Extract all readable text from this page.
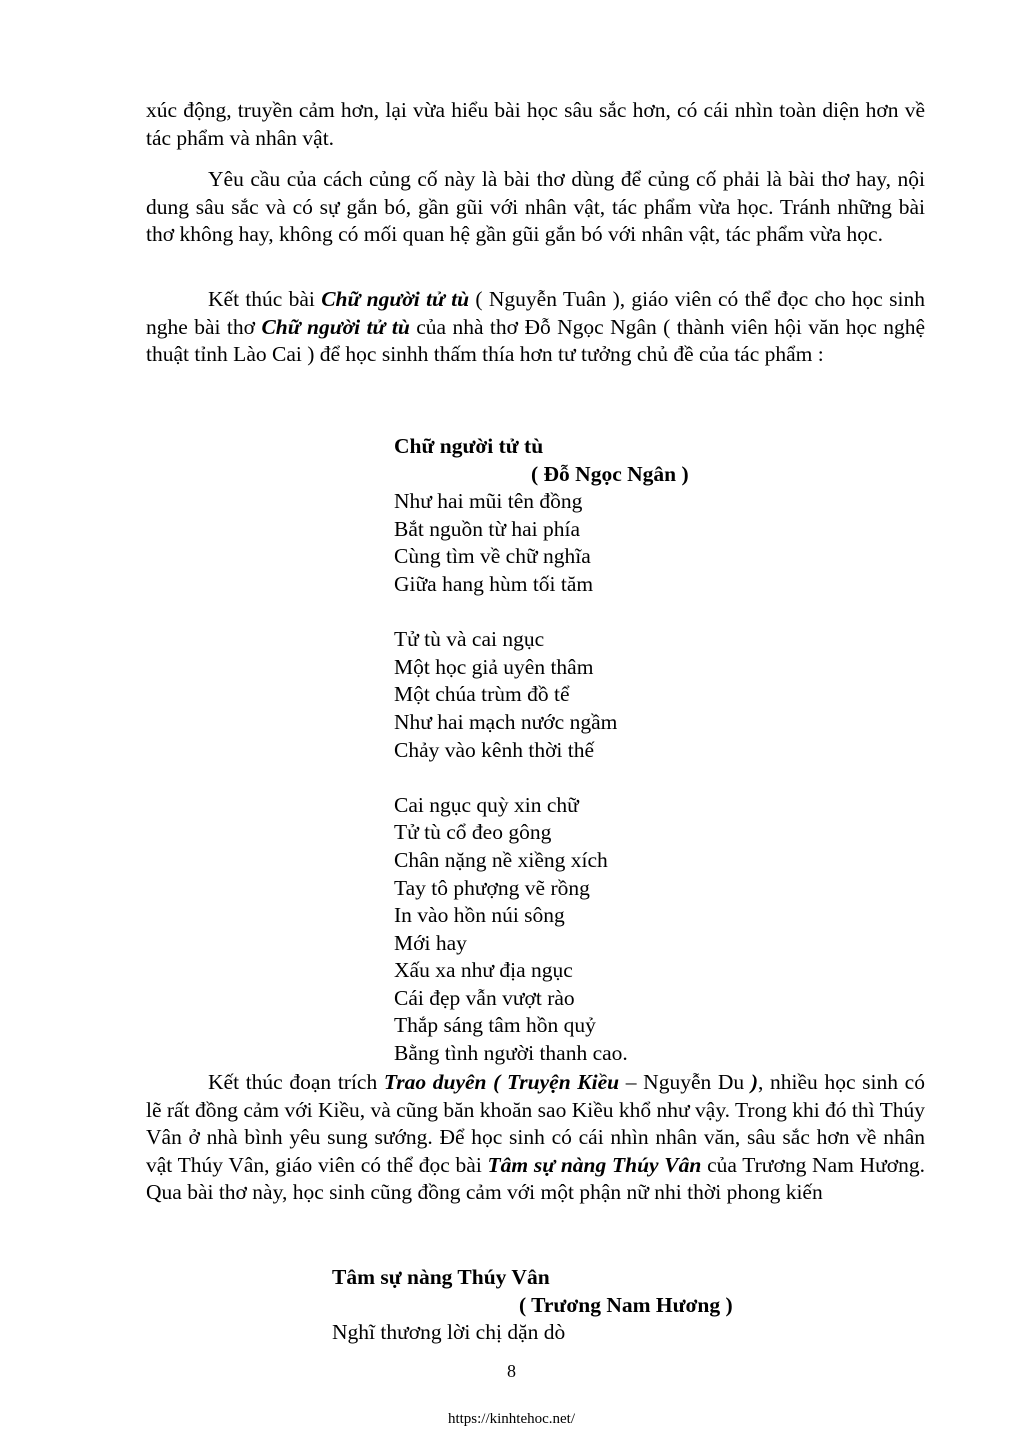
xúc động, truyền cảm hơn, lại vừa hiểu bài học sâu sắc hơn, có cái nhìn toàn diện hơn về tác phẩm và nhân vật.

Yêu cầu của cách củng cố này là bài thơ dùng để củng cố phải là bài thơ hay, nội dung sâu sắc và có sự gắn bó, gần gũi với nhân vật, tác phẩm vừa học. Tránh những bài thơ không hay, không có mối quan hệ gần gũi gắn bó với nhân vật, tác phẩm vừa học.

Kết thúc bài Chữ người tử tù ( Nguyễn Tuân ), giáo viên có thể đọc cho học sinh nghe bài thơ Chữ người tử tù của nhà thơ Đỗ Ngọc Ngân ( thành viên hội văn học nghệ thuật tỉnh Lào Cai ) để học sinhh thấm thía hơn tư tưởng chủ đề của tác phẩm :

Chữ người tử tù

( Đỗ Ngọc Ngân )

Như hai mũi tên đồng

Bắt nguồn từ hai phía

Cùng tìm về chữ nghĩa

Giữa hang hùm tối tăm

Tử tù và cai ngục

Một học giả uyên thâm

Một chúa trùm đồ tể

Như hai mạch nước ngầm

Chảy vào kênh thời thế

Cai ngục quỳ xin chữ

Tử tù cổ đeo gông

Chân nặng nề xiềng xích

Tay tô phượng vẽ rồng

In vào hồn núi sông

Mới hay

Xấu xa như địa ngục

Cái đẹp vẫn vượt rào

Thắp sáng tâm hồn quỷ

Bằng tình người thanh cao.

Kết thúc đoạn trích Trao duyên ( Truyện Kiều – Nguyễn Du ), nhiều học sinh có lẽ rất đồng cảm với Kiều, và cũng băn khoăn sao Kiều khổ như vậy. Trong khi đó thì Thúy Vân ở nhà bình yêu sung sướng. Để học sinh có cái nhìn nhân văn, sâu sắc hơn về nhân vật Thúy Vân, giáo viên có thể đọc bài Tâm sự nàng Thúy Vân của Trương Nam Hương. Qua bài thơ này, học sinh cũng đồng cảm với một phận nữ nhi thời phong kiến

Tâm sự nàng Thúy Vân

( Trương Nam Hương )

Nghĩ thương lời chị dặn dò

8
https://kinhtehoc.net/
